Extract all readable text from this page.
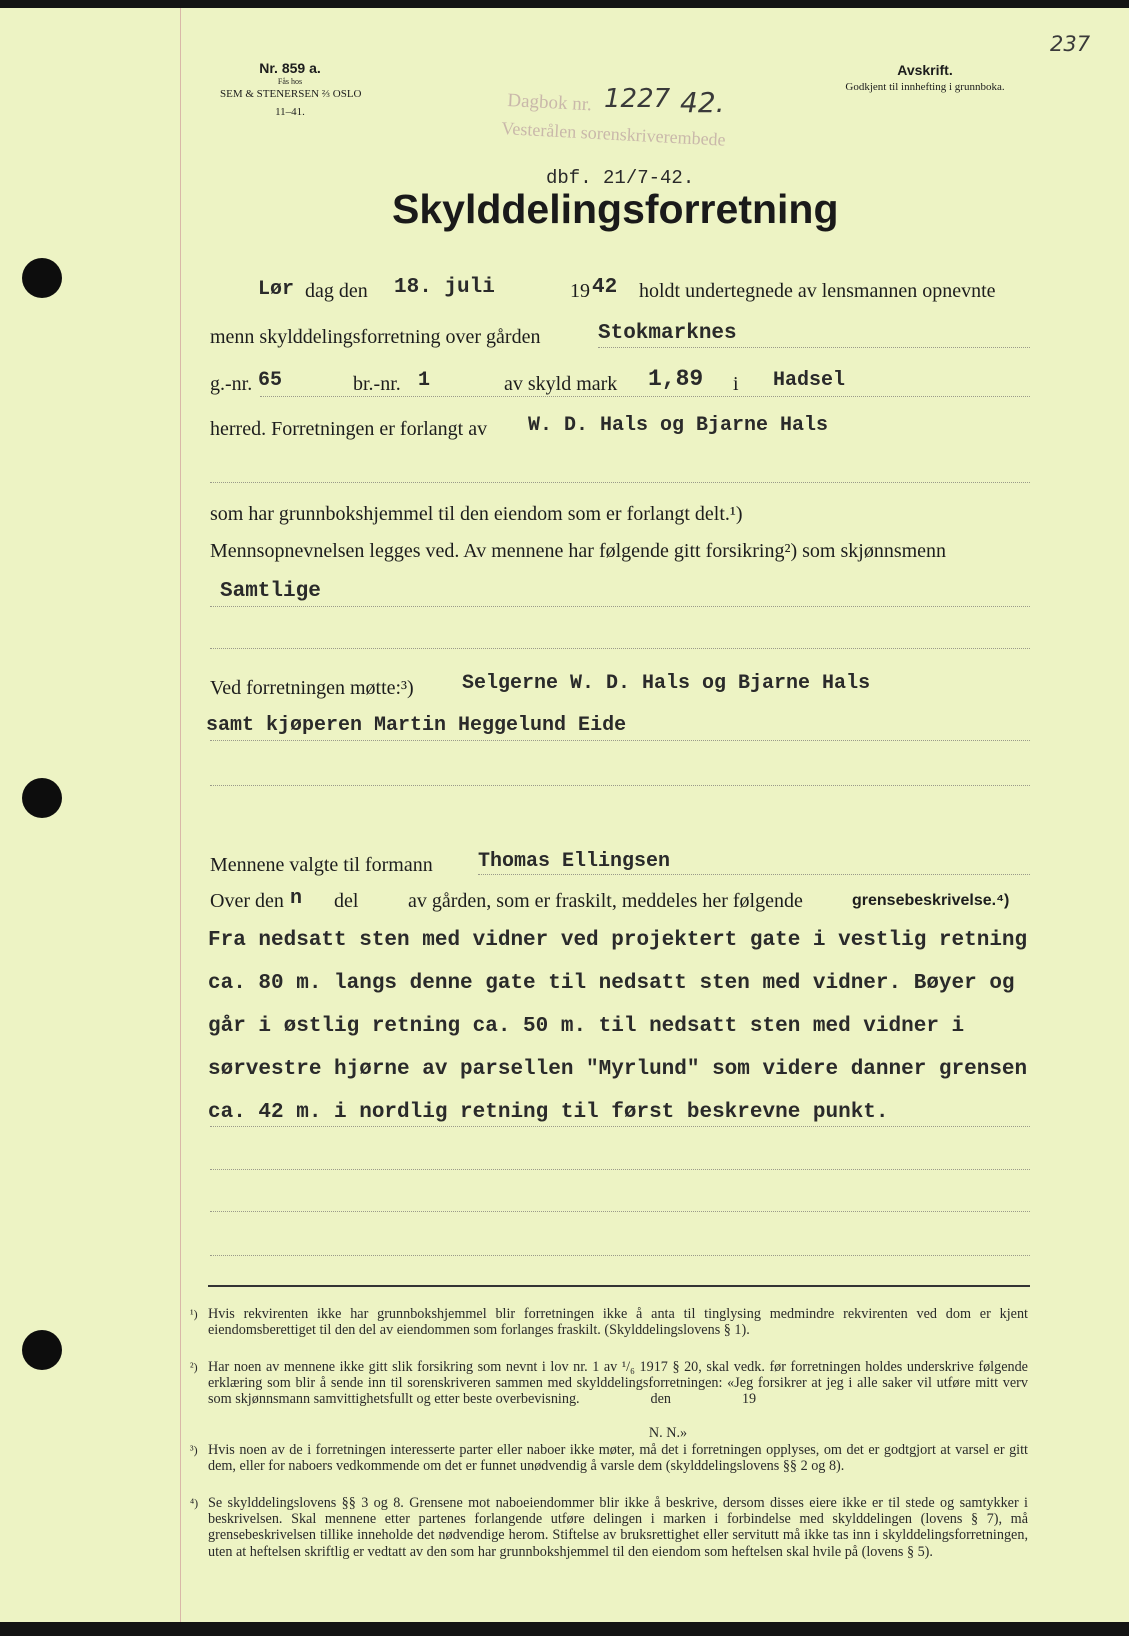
237
Nr. 859 a.
Fås hos
SEM & STENERSEN ⅔ OSLO
11–41.
Avskrift.
Godkjent til innhefting i grunnboka.
Dagbok nr.
Vesterålen sorenskriverembede
1227 42.
dbf. 21/7-42.
Skylddelingsforretning
Lør dag den 18. juli	19 42 holdt undertegnede av lensmannen opnevnte
menn skylddelingsforretning over gården	Stokmarknes
g.-nr. 65	br.-nr. 1	av skyld mark 1,89 i Hadsel
herred. Forretningen er forlangt av W. D. Hals og Bjarne Hals
som har grunnbokshjemmel til den eiendom som er forlangt delt.¹)
Mennsopnevnelsen legges ved. Av mennene har følgende gitt forsikring²) som skjønnsmenn
Samtlige
Ved forretningen møtte:³) Selgerne W. D. Hals og Bjarne Hals
samt kjøperen Martin Heggelund Eide
Mennene valgte til formann Thomas Ellingsen
Over den n del av gården, som er fraskilt, meddeles her følgende	grensebeskrivelse.⁴)
Fra nedsatt sten med vidner ved projektert gate i vestlig retning
ca. 80 m. langs denne gate til nedsatt sten med vidner. Bøyer og
går i østlig retning ca. 50 m. til nedsatt sten med vidner i
sørvestre hjørne av parsellen "Myrlund" som videre danner grensen
ca. 42 m. i nordlig retning til først beskrevne punkt.
¹) Hvis rekvirenten ikke har grunnbokshjemmel blir forretningen ikke å anta til tinglysing medmindre rekvirenten ved dom er kjent eiendomsberettiget til den del av eiendommen som forlanges fraskilt. (Skylddelingslovens § 1).
²) Har noen av mennene ikke gitt slik forsikring som nevnt i lov nr. 1 av ¹/₆ 1917 § 20, skal vedk. før forretningen holdes underskrive følgende erklæring som blir å sende inn til sorenskriveren sammen med skylddelingsforretningen: «Jeg forsikrer at jeg i alle saker vil utføre mitt verv som skjønnsmann samvittighetsfullt og etter beste overbevisning.                    den                    19
N. N.»
³) Hvis noen av de i forretningen interesserte parter eller naboer ikke møter, må det i forretningen opplyses, om det er godtgjort at varsel er gitt dem, eller for naboers vedkommende om det er funnet unødvendig å varsle dem (skylddelingslovens §§ 2 og 8).
⁴) Se skylddelingslovens §§ 3 og 8. Grensene mot naboeiendommer blir ikke å beskrive, dersom disses eiere ikke er til stede og samtykker i beskrivelsen. Skal mennene etter partenes forlangende utføre delingen i marken i forbindelse med skylddelingen (lovens § 7), må grensebeskrivelsen tillike inneholde det nødvendige herom. Stiftelse av bruksrettighet eller servitutt må ikke tas inn i skylddelingsforretningen, uten at heftelsen skriftlig er vedtatt av den som har grunnbokshjemmel til den eiendom som heftelsen skal hvile på (lovens § 5).
